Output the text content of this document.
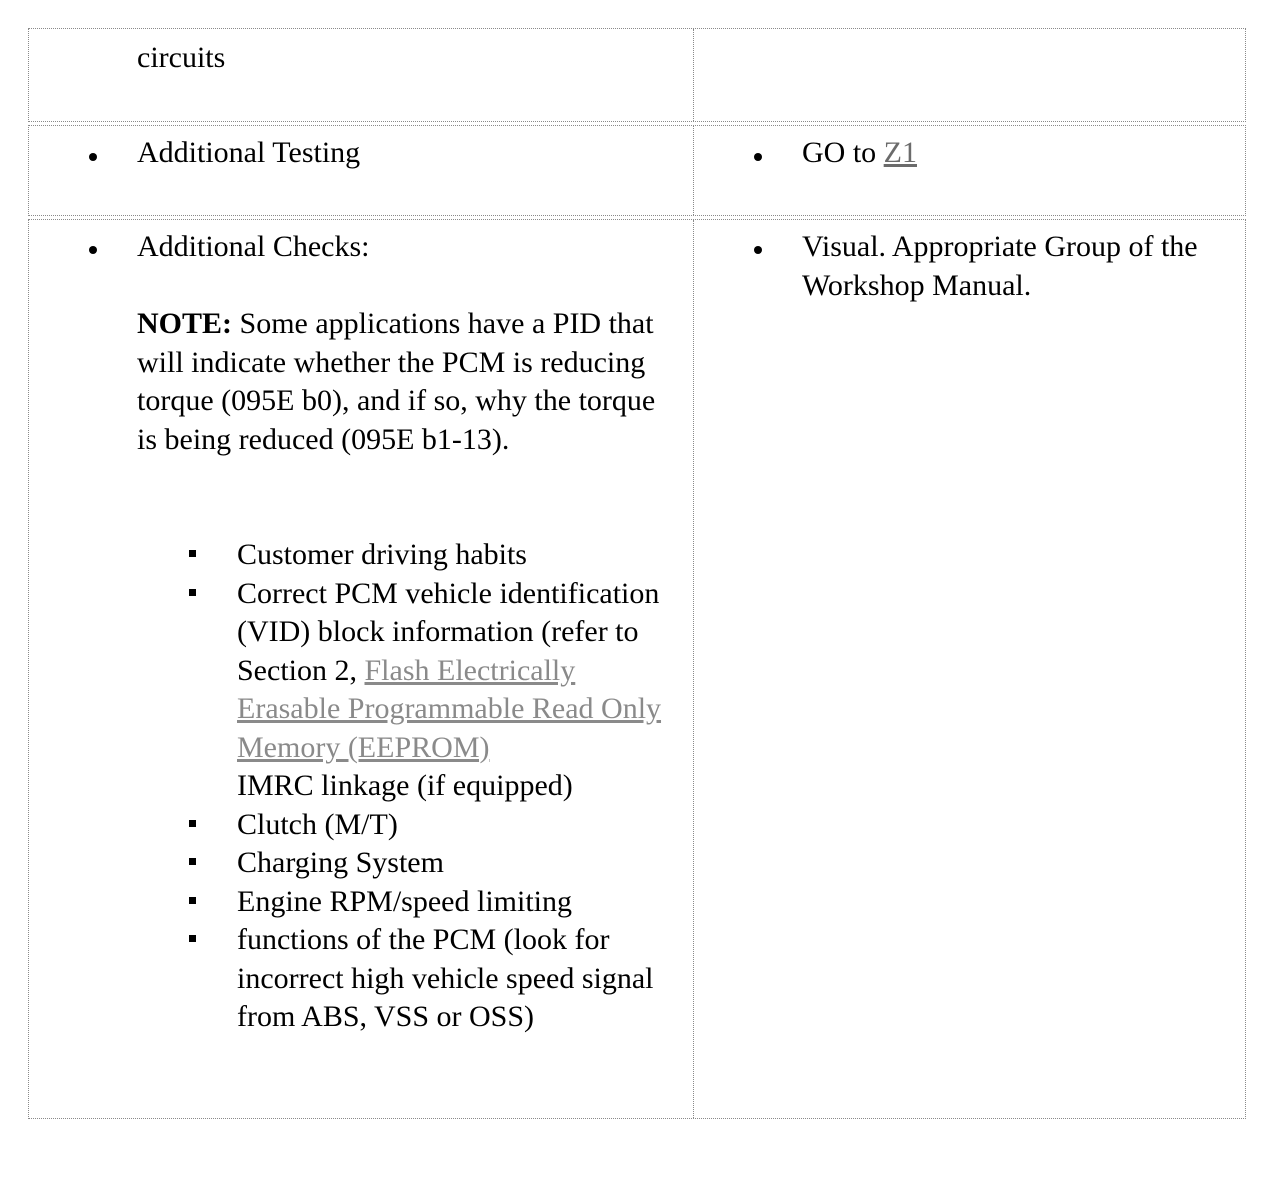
circuits
Additional Testing	GO to Z1
Additional Checks:
NOTE: Some applications have a PID that will indicate whether the PCM is reducing torque (095E b0), and if so, why the torque is being reduced (095E b1-13).
Customer driving habits
Correct PCM vehicle identification (VID) block information (refer to Section 2, Flash Electrically Erasable Programmable Read Only Memory (EEPROM)
IMRC linkage (if equipped)
Clutch (M/T)
Charging System
Engine RPM/speed limiting functions of the PCM (look for incorrect high vehicle speed signal from ABS, VSS or OSS)
Visual. Appropriate Group of the Workshop Manual.
